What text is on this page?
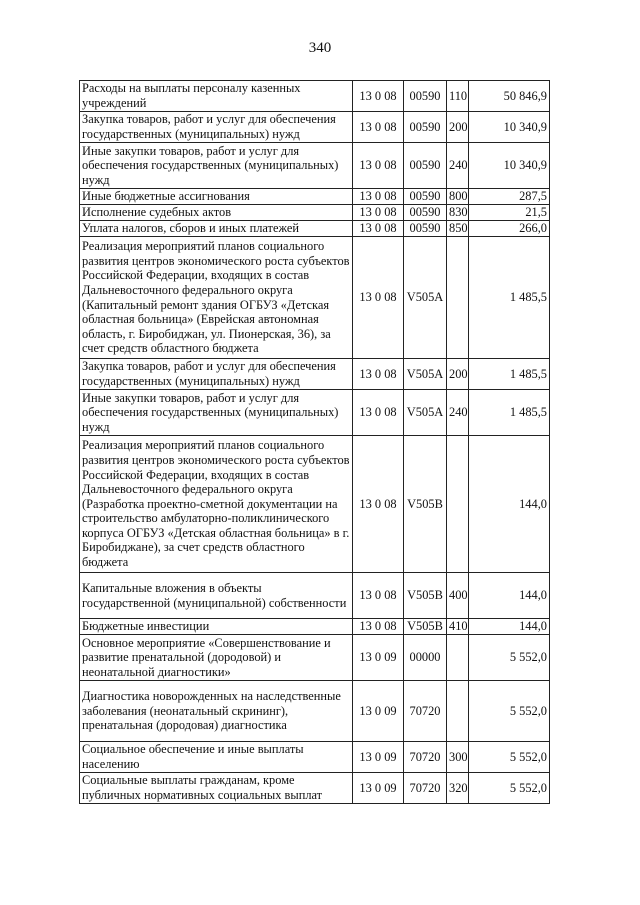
340
Расходы на выплаты персоналу казенных учреждений	13 0 08	00590	110	50 846,9
Закупка товаров, работ и услуг для обеспечения государственных (муниципальных) нужд	13 0 08	00590	200	10 340,9
Иные закупки товаров, работ и услуг для обеспечения государственных (муниципальных) нужд	13 0 08	00590	240	10 340,9
Иные бюджетные ассигнования	13 0 08	00590	800	287,5
Исполнение судебных актов	13 0 08	00590	830	21,5
Уплата налогов, сборов и иных платежей	13 0 08	00590	850	266,0
Реализация мероприятий планов социального развития центров экономического роста субъектов Российской Федерации, входящих в состав Дальневосточного федерального округа (Капитальный ремонт здания ОГБУЗ «Детская областная больница» (Еврейская автономная область, г. Биробиджан, ул. Пионерская, 36), за счет средств областного бюджета	13 0 08	V505A		1 485,5
Закупка товаров, работ и услуг для обеспечения государственных (муниципальных) нужд	13 0 08	V505A	200	1 485,5
Иные закупки товаров, работ и услуг для обеспечения государственных (муниципальных) нужд	13 0 08	V505A	240	1 485,5
Реализация мероприятий планов социального развития центров экономического роста субъектов Российской Федерации, входящих в состав Дальневосточного федерального округа (Разработка проектно-сметной документации на строительство амбулаторно-поликлинического корпуса ОГБУЗ «Детская областная больница» в г. Биробиджане), за счет средств областного бюджета	13 0 08	V505B		144,0
Капитальные вложения в объекты государственной (муниципальной) собственности	13 0 08	V505B	400	144,0
Бюджетные инвестиции	13 0 08	V505B	410	144,0
Основное мероприятие «Совершенствование и развитие пренатальной (дородовой) и неонатальной диагностики»	13 0 09	00000		5 552,0
Диагностика новорожденных на наследственные заболевания (неонатальный скрининг), пренатальная (дородовая) диагностика	13 0 09	70720		5 552,0
Социальное обеспечение и иные выплаты населению	13 0 09	70720	300	5 552,0
Социальные выплаты гражданам, кроме публичных нормативных социальных выплат	13 0 09	70720	320	5 552,0
